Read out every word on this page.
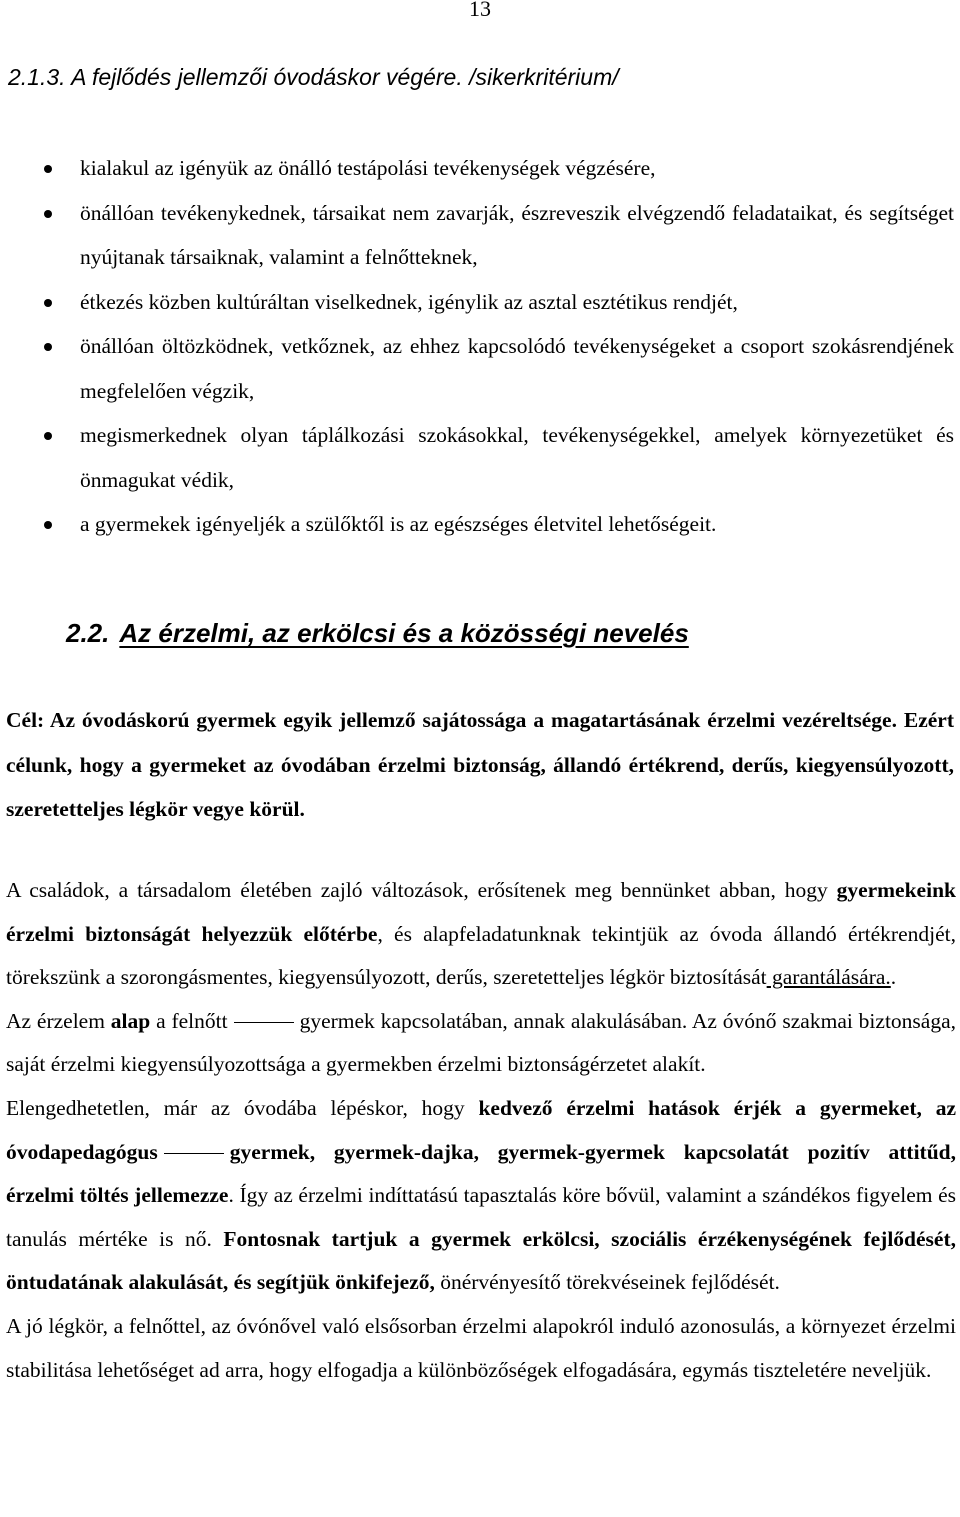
13
2.1.3. A fejlődés jellemzői óvodáskor végére. /sikerkritérium/
kialakul az igényük az önálló testápolási tevékenységek végzésére,
önállóan tevékenykednek, társaikat nem zavarják, észreveszik elvégzendő feladataikat, és segítséget nyújtanak társaiknak, valamint a felnőtteknek,
étkezés közben kultúráltan viselkednek, igénylik az asztal esztétikus rendjét,
önállóan öltözködnek, vetkőznek, az ehhez kapcsolódó tevékenységeket a csoport szokásrendjének megfelelően végzik,
megismerkednek olyan táplálkozási szokásokkal, tevékenységekkel, amelyek környezetüket és önmagukat védik,
a gyermekek igényeljék a szülőktől is az egészséges életvitel lehetőségeit.
2.2. Az érzelmi, az erkölcsi és a közösségi nevelés
Cél: Az óvodáskorú gyermek egyik jellemző sajátossága a magatartásának érzelmi vezéreltsége. Ezért célunk, hogy a gyermeket az óvodában érzelmi biztonság, állandó értékrend, derűs, kiegyensúlyozott, szeretetteljes légkör vegye körül.

A családok, a társadalom életében zajló változások, erősítenek meg bennünket abban, hogy gyermekeink érzelmi biztonságát helyezzük előtérbe, és alapfeladatunknak tekintjük az óvoda állandó értékrendjét, törekszünk a szorongásmentes, kiegyensúlyozott, derűs, szeretetteljes légkör biztosítását garantálására..

Az érzelem alap a felnőtt	gyermek kapcsolatában, annak alakulásában. Az óvónő szakmai biztonsága, saját érzelmi kiegyensúlyozottsága a gyermekben érzelmi biztonságérzetet alakít.

Elengedhetetlen, már az óvodába lépéskor, hogy kedvező érzelmi hatások érjék a gyermeket, az óvodapedagógus	gyermek, gyermek-dajka, gyermek-gyermek kapcsolatát pozitív attitűd, érzelmi töltés jellemezze. Így az érzelmi indíttatású tapasztalás köre bővül, valamint a szándékos figyelem és tanulás mértéke is nő. Fontosnak tartjuk a gyermek erkölcsi, szociális érzékenységének fejlődését, öntudatának alakulását, és segítjük önkifejező, önérvényesítő törekvéseinek fejlődését.

A jó légkör, a felnőttel, az óvónővel való elsősorban érzelmi alapokról induló azonosulás, a környezet érzelmi stabilitása lehetőséget ad arra, hogy elfogadja a különbözőségek elfogadására, egymás tiszteletére neveljük.
